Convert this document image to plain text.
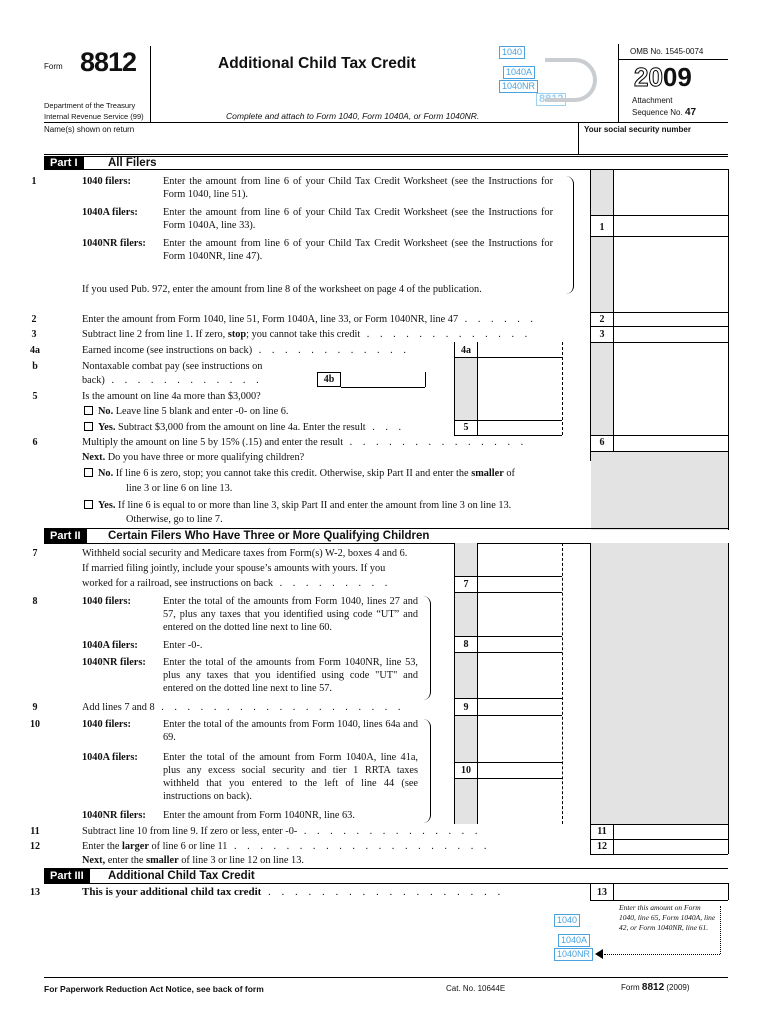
Form 8812
Department of the Treasury
Internal Revenue Service (99)
Additional Child Tax Credit
Complete and attach to Form 1040, Form 1040A, or Form 1040NR.
1040
1040A
1040NR
8812
OMB No. 1545-0074
2009
Attachment
Sequence No. 47
Name(s) shown on return	Your social security number
Part I	All Filers
1	1040 filers:	Enter the amount from line 6 of your Child Tax Credit Worksheet (see the Instructions for Form 1040, line 51).
1040A filers: Enter the amount from line 6 of your Child Tax Credit Worksheet (see the Instructions for Form 1040A, line 33).
1040NR filers: Enter the amount from line 6 of your Child Tax Credit Worksheet (see the Instructions for Form 1040NR, line 47).
If you used Pub. 972, enter the amount from line 8 of the worksheet on page 4 of the publication.
1
2	Enter the amount from Form 1040, line 51, Form 1040A, line 33, or Form 1040NR, line 47 . . . . . .	2
3	Subtract line 2 from line 1. If zero, stop; you cannot take this credit . . . . . . . . . . . . .	3
4a	Earned income (see instructions on back) . . . . . . . . . . . .	4a
b	Nontaxable combat pay (see instructions on
back) . . . . . . . . . . . .	4b
5	Is the amount on line 4a more than $3,000?
No. Leave line 5 blank and enter -0- on line 6.
Yes. Subtract $3,000 from the amount on line 4a. Enter the result . . .	5
6	Multiply the amount on line 5 by 15% (.15) and enter the result . . . . . . . . . . . . . .	6
Next. Do you have three or more qualifying children?
No. If line 6 is zero, stop; you cannot take this credit. Otherwise, skip Part II and enter the smaller of
line 3 or line 6 on line 13.
Yes. If line 6 is equal to or more than line 3, skip Part II and enter the amount from line 3 on line 13.
Otherwise, go to line 7.
Part II	Certain Filers Who Have Three or More Qualifying Children
7	Withheld social security and Medicare taxes from Form(s) W-2, boxes 4 and 6.
If married filing jointly, include your spouse’s amounts with yours. If you
worked for a railroad, see instructions on back . . . . . . . . .	7
8	1040 filers:	Enter the total of the amounts from Form 1040, lines 27 and 57, plus any taxes that you identified using code “UT” and entered on the dotted line next to line 60.
1040A filers: Enter -0-.
1040NR filers: Enter the total of the amounts from Form 1040NR, line 53, plus any taxes that you identified using code "UT" and entered on the dotted line next to line 57.
8
9	Add lines 7 and 8 . . . . . . . . . . . . . . . . . . .	9
10	1040 filers:	Enter the total of the amounts from Form 1040, lines 64a and 69.
1040A filers: Enter the total of the amount from Form 1040A, line 41a, plus any excess social security and tier 1 RRTA taxes withheld that you entered to the left of line 44 (see instructions on back).
1040NR filers: Enter the amount from Form 1040NR, line 63.
10
11	Subtract line 10 from line 9. If zero or less, enter -0- . . . . . . . . . . . . . .	11
12	Enter the larger of line 6 or line 11 . . . . . . . . . . . . . . . . . . . .	12
Next, enter the smaller of line 3 or line 12 on line 13.
Part III	Additional Child Tax Credit
13	This is your additional child tax credit . . . . . . . . . . . . . . . . . .	13
Enter this amount on Form 1040, line 65, Form 1040A, line 42, or Form 1040NR, line 61.
1040
1040A
1040NR
For Paperwork Reduction Act Notice, see back of form	Cat. No. 10644E	Form 8812 (2009)
